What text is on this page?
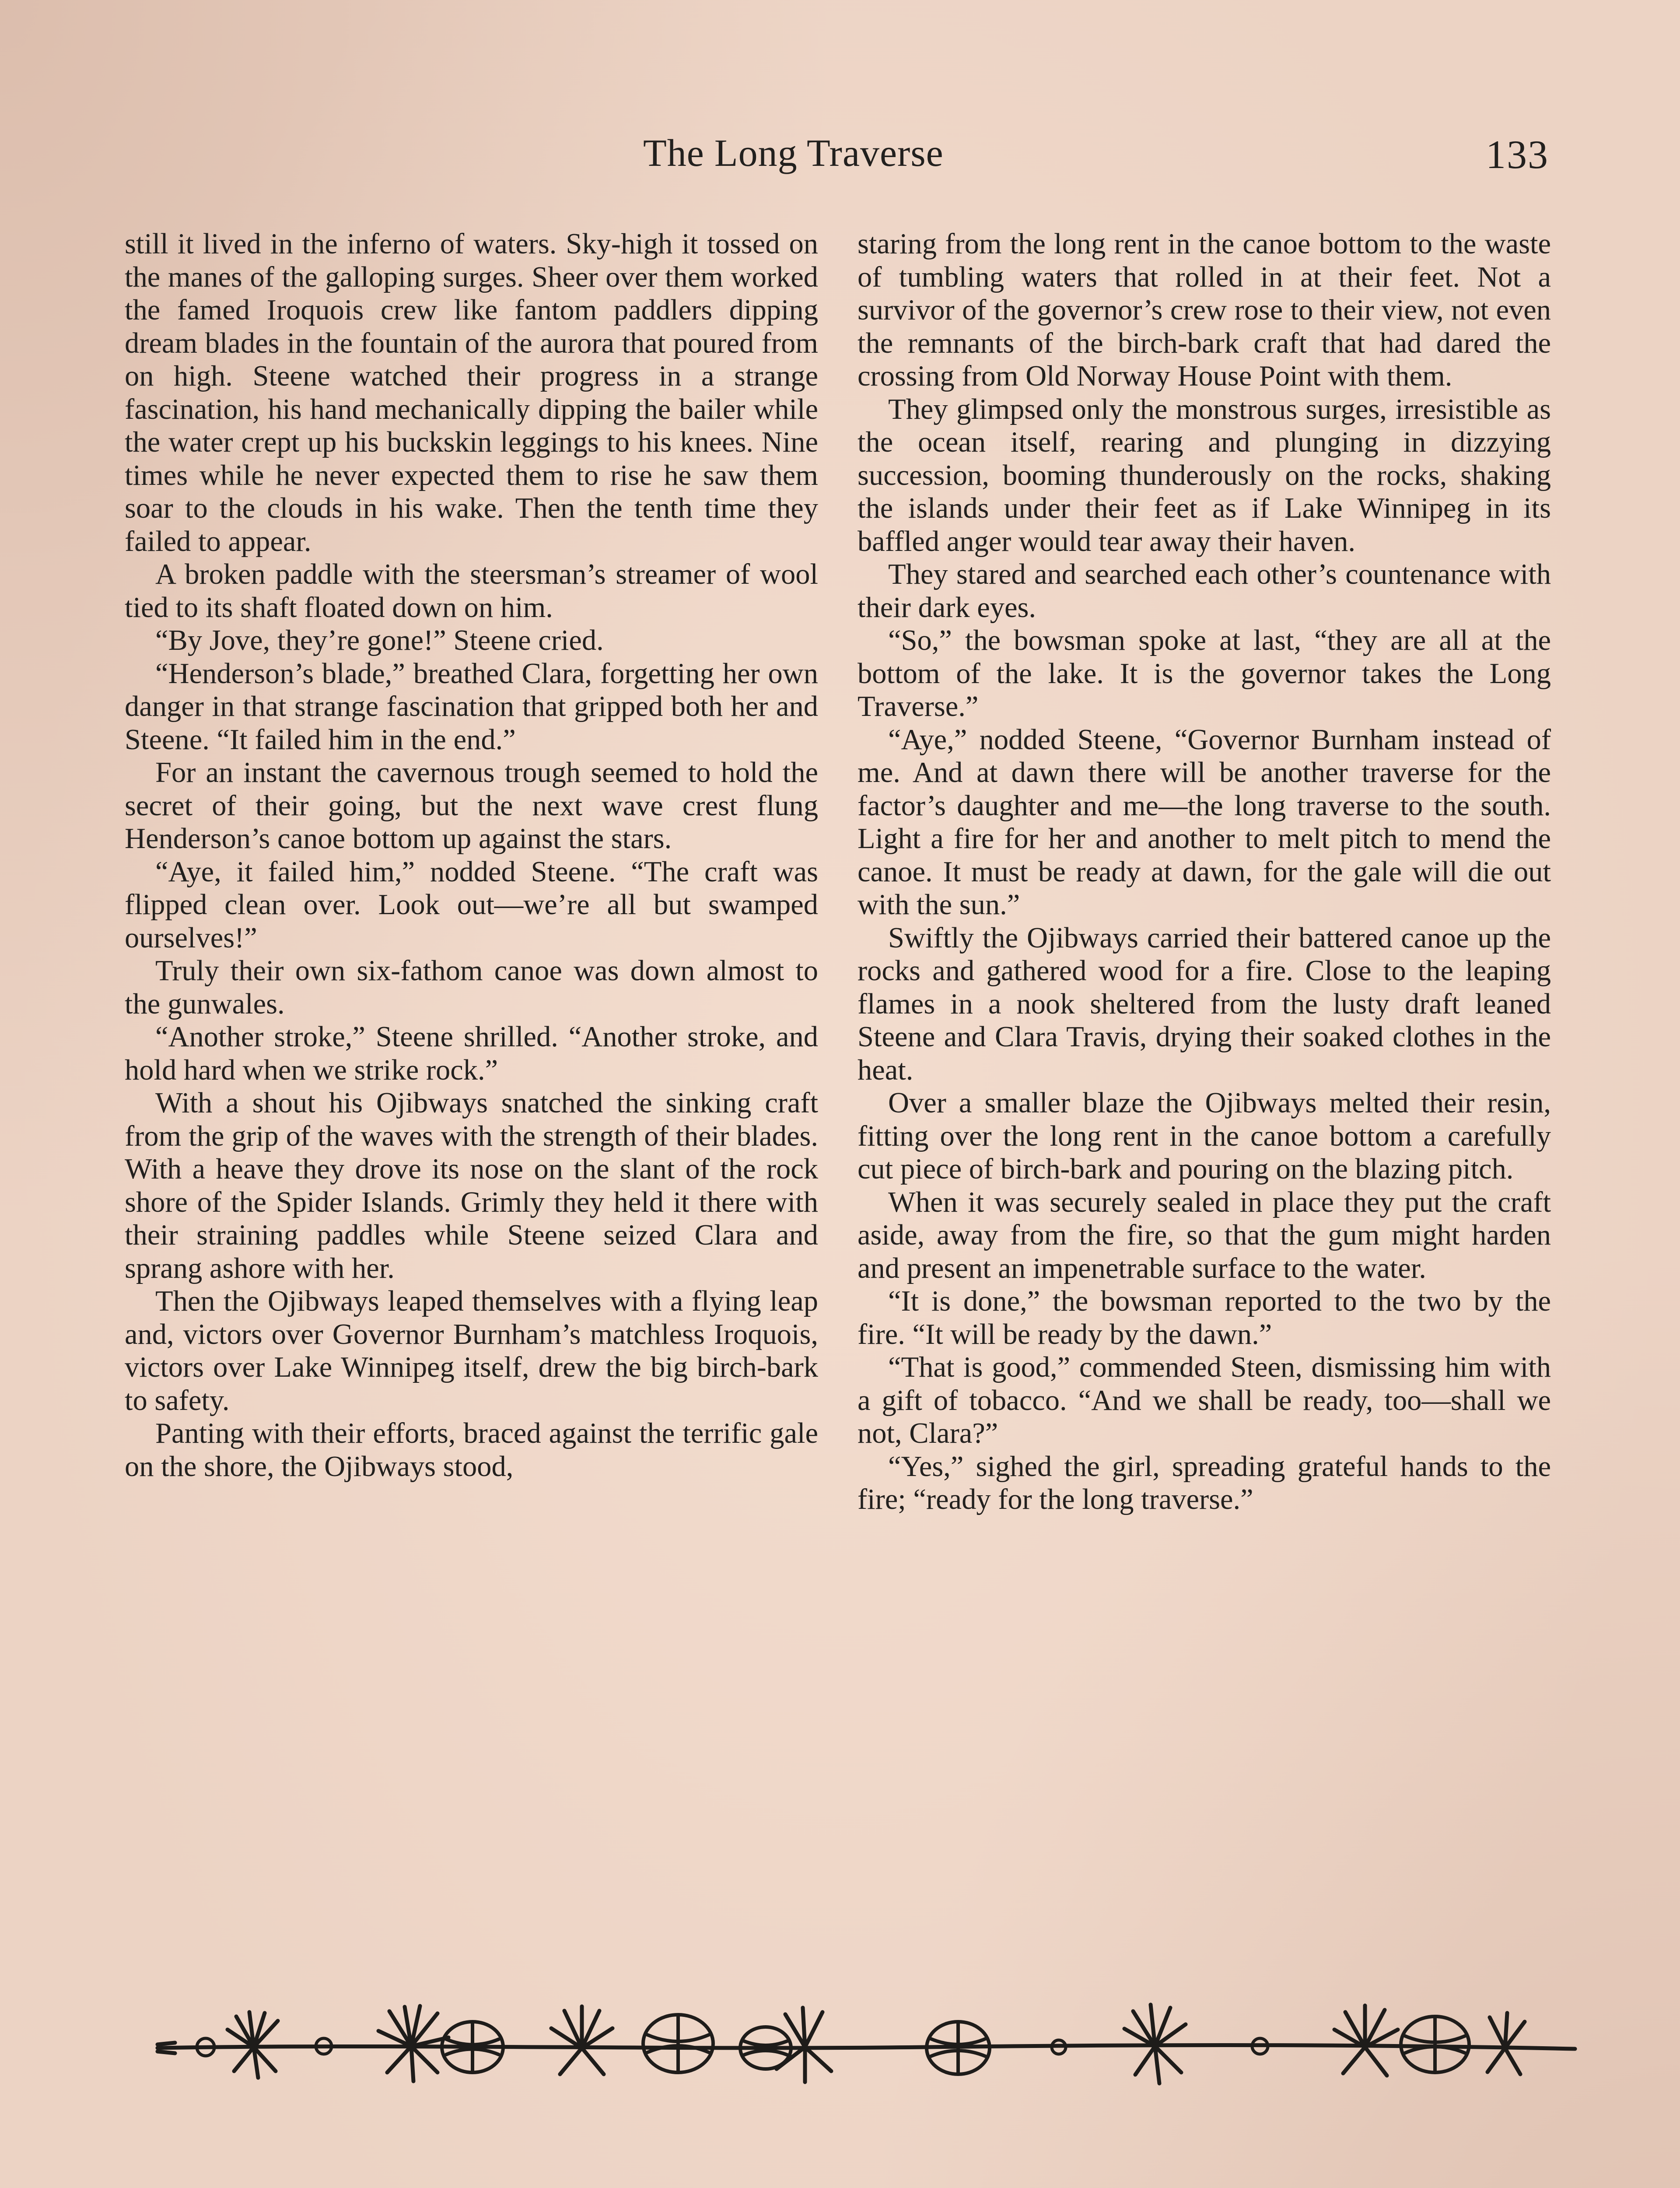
The Long Traverse	133

still it lived in the inferno of waters. Sky-high it tossed on the manes of the galloping surges. Sheer over them worked the famed Iroquois crew like fantom paddlers dipping dream blades in the fountain of the aurora that poured from on high. Steene watched their progress in a strange fascination, his hand mechanically dipping the bailer while the water crept up his buckskin leggings to his knees. Nine times while he never expected them to rise he saw them soar to the clouds in his wake. Then the tenth time they failed to appear.

A broken paddle with the steersman’s streamer of wool tied to its shaft floated down on him.

“By Jove, they’re gone!” Steene cried.

“Henderson’s blade,” breathed Clara, forgetting her own danger in that strange fascination that gripped both her and Steene. “It failed him in the end.”

For an instant the cavernous trough seemed to hold the secret of their going, but the next wave crest flung Henderson’s canoe bottom up against the stars.

“Aye, it failed him,” nodded Steene. “The craft was flipped clean over. Look out—we’re all but swamped ourselves!”

Truly their own six-fathom canoe was down almost to the gunwales.

“Another stroke,” Steene shrilled. “Another stroke, and hold hard when we strike rock.”

With a shout his Ojibways snatched the sinking craft from the grip of the waves with the strength of their blades. With a heave they drove its nose on the slant of the rock shore of the Spider Islands. Grimly they held it there with their straining paddles while Steene seized Clara and sprang ashore with her.

Then the Ojibways leaped themselves with a flying leap and, victors over Governor Burnham’s matchless Iroquois, victors over Lake Winnipeg itself, drew the big birch-bark to safety.

Panting with their efforts, braced against the terrific gale on the shore, the Ojibways stood,

staring from the long rent in the canoe bottom to the waste of tumbling waters that rolled in at their feet. Not a survivor of the governor’s crew rose to their view, not even the remnants of the birch-bark craft that had dared the crossing from Old Norway House Point with them.

They glimpsed only the monstrous surges, irresistible as the ocean itself, rearing and plunging in dizzying succession, booming thunderously on the rocks, shaking the islands under their feet as if Lake Winnipeg in its baffled anger would tear away their haven.

They stared and searched each other’s countenance with their dark eyes.

“So,” the bowsman spoke at last, “they are all at the bottom of the lake. It is the governor takes the Long Traverse.”

“Aye,” nodded Steene, “Governor Burnham instead of me. And at dawn there will be another traverse for the factor’s daughter and me—the long traverse to the south. Light a fire for her and another to melt pitch to mend the canoe. It must be ready at dawn, for the gale will die out with the sun.”

Swiftly the Ojibways carried their battered canoe up the rocks and gathered wood for a fire. Close to the leaping flames in a nook sheltered from the lusty draft leaned Steene and Clara Travis, drying their soaked clothes in the heat.

Over a smaller blaze the Ojibways melted their resin, fitting over the long rent in the canoe bottom a carefully cut piece of birch-bark and pouring on the blazing pitch.

When it was securely sealed in place they put the craft aside, away from the fire, so that the gum might harden and present an impenetrable surface to the water.

“It is done,” the bowsman reported to the two by the fire. “It will be ready by the dawn.”

“That is good,” commended Steen, dismissing him with a gift of tobacco. “And we shall be ready, too—shall we not, Clara?”

“Yes,” sighed the girl, spreading grateful hands to the fire; “ready for the long traverse.”
